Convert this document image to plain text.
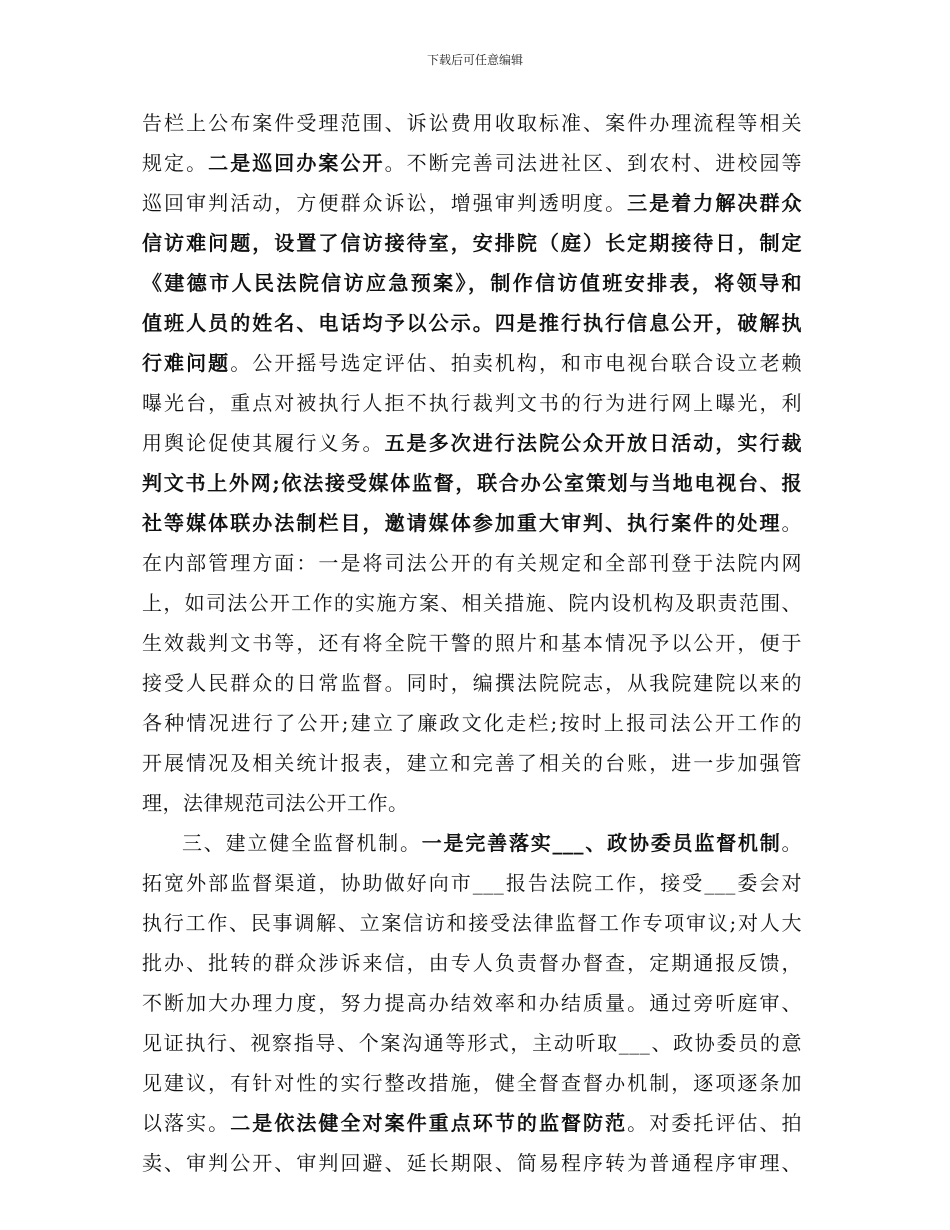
下载后可任意编辑
告栏上公布案件受理范围、诉讼费用收取标准、案件办理流程等相关
规定。二是巡回办案公开。不断完善司法进社区、到农村、进校园等
巡回审判活动，方便群众诉讼，增强审判透明度。三是着力解决群众
信访难问题，设置了信访接待室，安排院（庭）长定期接待日，制定
《建德市人民法院信访应急预案》，制作信访值班安排表，将领导和
值班人员的姓名、电话均予以公示。四是推行执行信息公开，破解执
行难问题。公开摇号选定评估、拍卖机构，和市电视台联合设立老赖
曝光台，重点对被执行人拒不执行裁判文书的行为进行网上曝光，利
用舆论促使其履行义务。五是多次进行法院公众开放日活动，实行裁
判文书上外网;依法接受媒体监督，联合办公室策划与当地电视台、报
社等媒体联办法制栏目，邀请媒体参加重大审判、执行案件的处理。
在内部管理方面：一是将司法公开的有关规定和全部刊登于法院内网
上，如司法公开工作的实施方案、相关措施、院内设机构及职责范围、
生效裁判文书等，还有将全院干警的照片和基本情况予以公开，便于
接受人民群众的日常监督。同时，编撰法院院志，从我院建院以来的
各种情况进行了公开;建立了廉政文化走栏;按时上报司法公开工作的
开展情况及相关统计报表，建立和完善了相关的台账，进一步加强管
理，法律规范司法公开工作。
三、建立健全监督机制。一是完善落实___、政协委员监督机制。
拓宽外部监督渠道，协助做好向市___报告法院工作，接受___委会对
执行工作、民事调解、立案信访和接受法律监督工作专项审议;对人大
批办、批转的群众涉诉来信，由专人负责督办督查，定期通报反馈，
不断加大办理力度，努力提高办结效率和办结质量。通过旁听庭审、
见证执行、视察指导、个案沟通等形式，主动听取___、政协委员的意
见建议，有针对性的实行整改措施，健全督查督办机制，逐项逐条加
以落实。二是依法健全对案件重点环节的监督防范。对委托评估、拍
卖、审判公开、审判回避、延长期限、简易程序转为普通程序审理、
